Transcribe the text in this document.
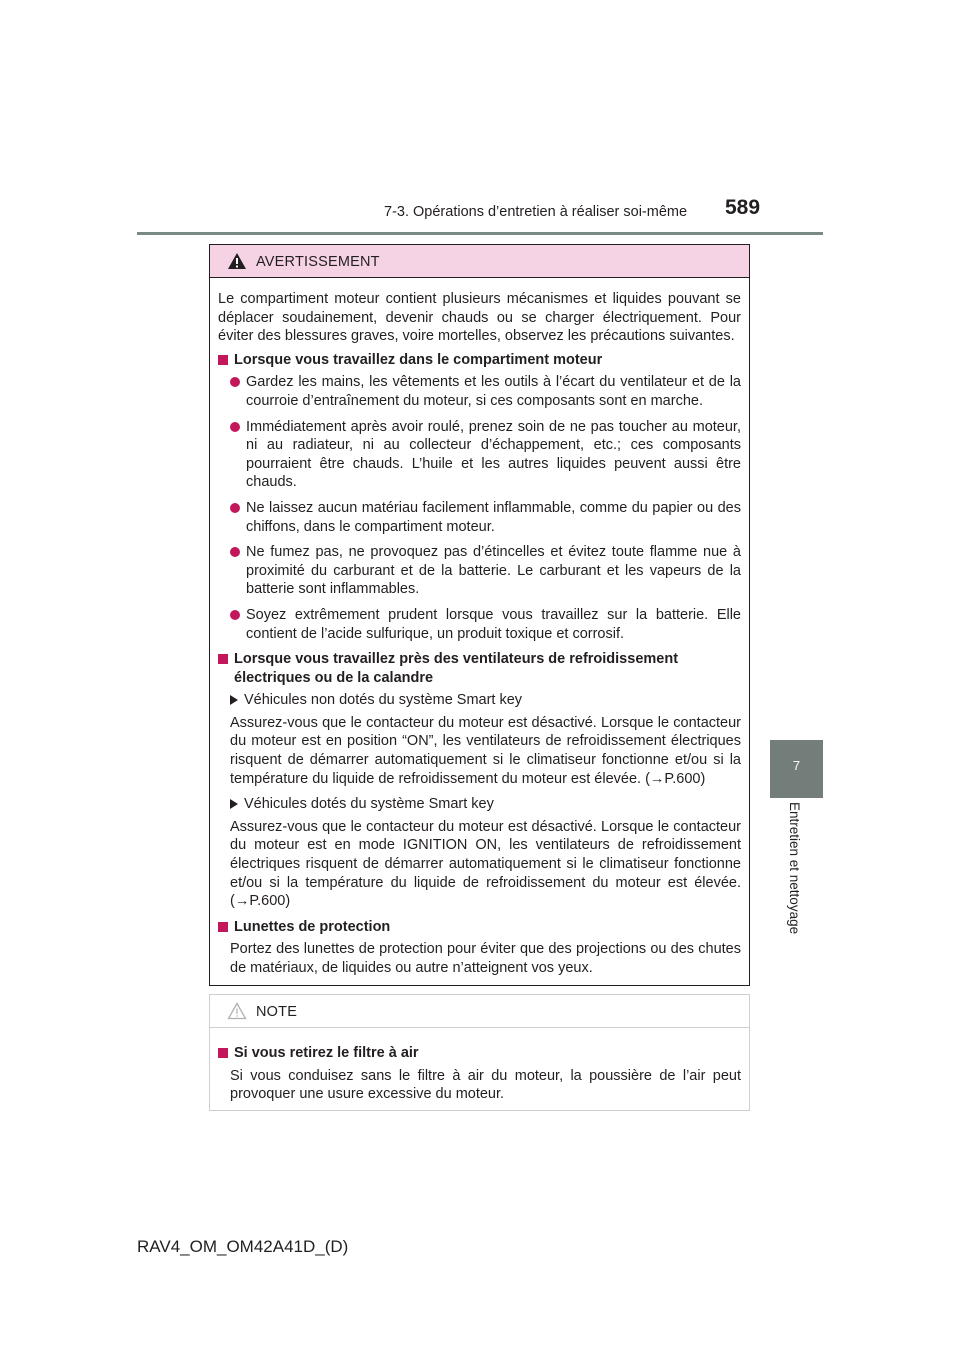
7-3. Opérations d’entretien à réaliser soi-même 589
7
Entretien et nettoyage
AVERTISSEMENT

Le compartiment moteur contient plusieurs mécanismes et liquides pouvant se déplacer soudainement, devenir chauds ou se charger électriquement. Pour éviter des blessures graves, voire mortelles, observez les précautions suivantes.

Lorsque vous travaillez dans le compartiment moteur
Gardez les mains, les vêtements et les outils à l’écart du ventilateur et de la courroie d’entraînement du moteur, si ces composants sont en marche.
Immédiatement après avoir roulé, prenez soin de ne pas toucher au moteur, ni au radiateur, ni au collecteur d’échappement, etc.; ces composants pourraient être chauds. L’huile et les autres liquides peuvent aussi être chauds.
Ne laissez aucun matériau facilement inflammable, comme du papier ou des chiffons, dans le compartiment moteur.
Ne fumez pas, ne provoquez pas d’étincelles et évitez toute flamme nue à proximité du carburant et de la batterie. Le carburant et les vapeurs de la batterie sont inflammables.
Soyez extrêmement prudent lorsque vous travaillez sur la batterie. Elle contient de l’acide sulfurique, un produit toxique et corrosif.
Lorsque vous travaillez près des ventilateurs de refroidissement électriques ou de la calandre
Véhicules non dotés du système Smart key
Assurez-vous que le contacteur du moteur est désactivé. Lorsque le contacteur du moteur est en position “ON”, les ventilateurs de refroidissement électriques risquent de démarrer automatiquement si le climatiseur fonctionne et/ou si la température du liquide de refroidissement du moteur est élevée. (→P.600)
Véhicules dotés du système Smart key
Assurez-vous que le contacteur du moteur est désactivé. Lorsque le contacteur du moteur est en mode IGNITION ON, les ventilateurs de refroidissement électriques risquent de démarrer automatiquement si le climatiseur fonctionne et/ou si la température du liquide de refroidissement du moteur est élevée. (→P.600)
Lunettes de protection
Portez des lunettes de protection pour éviter que des projections ou des chutes de matériaux, de liquides ou autre n’atteignent vos yeux.
NOTE
Si vous retirez le filtre à air
Si vous conduisez sans le filtre à air du moteur, la poussière de l’air peut provoquer une usure excessive du moteur.
RAV4_OM_OM42A41D_(D)
